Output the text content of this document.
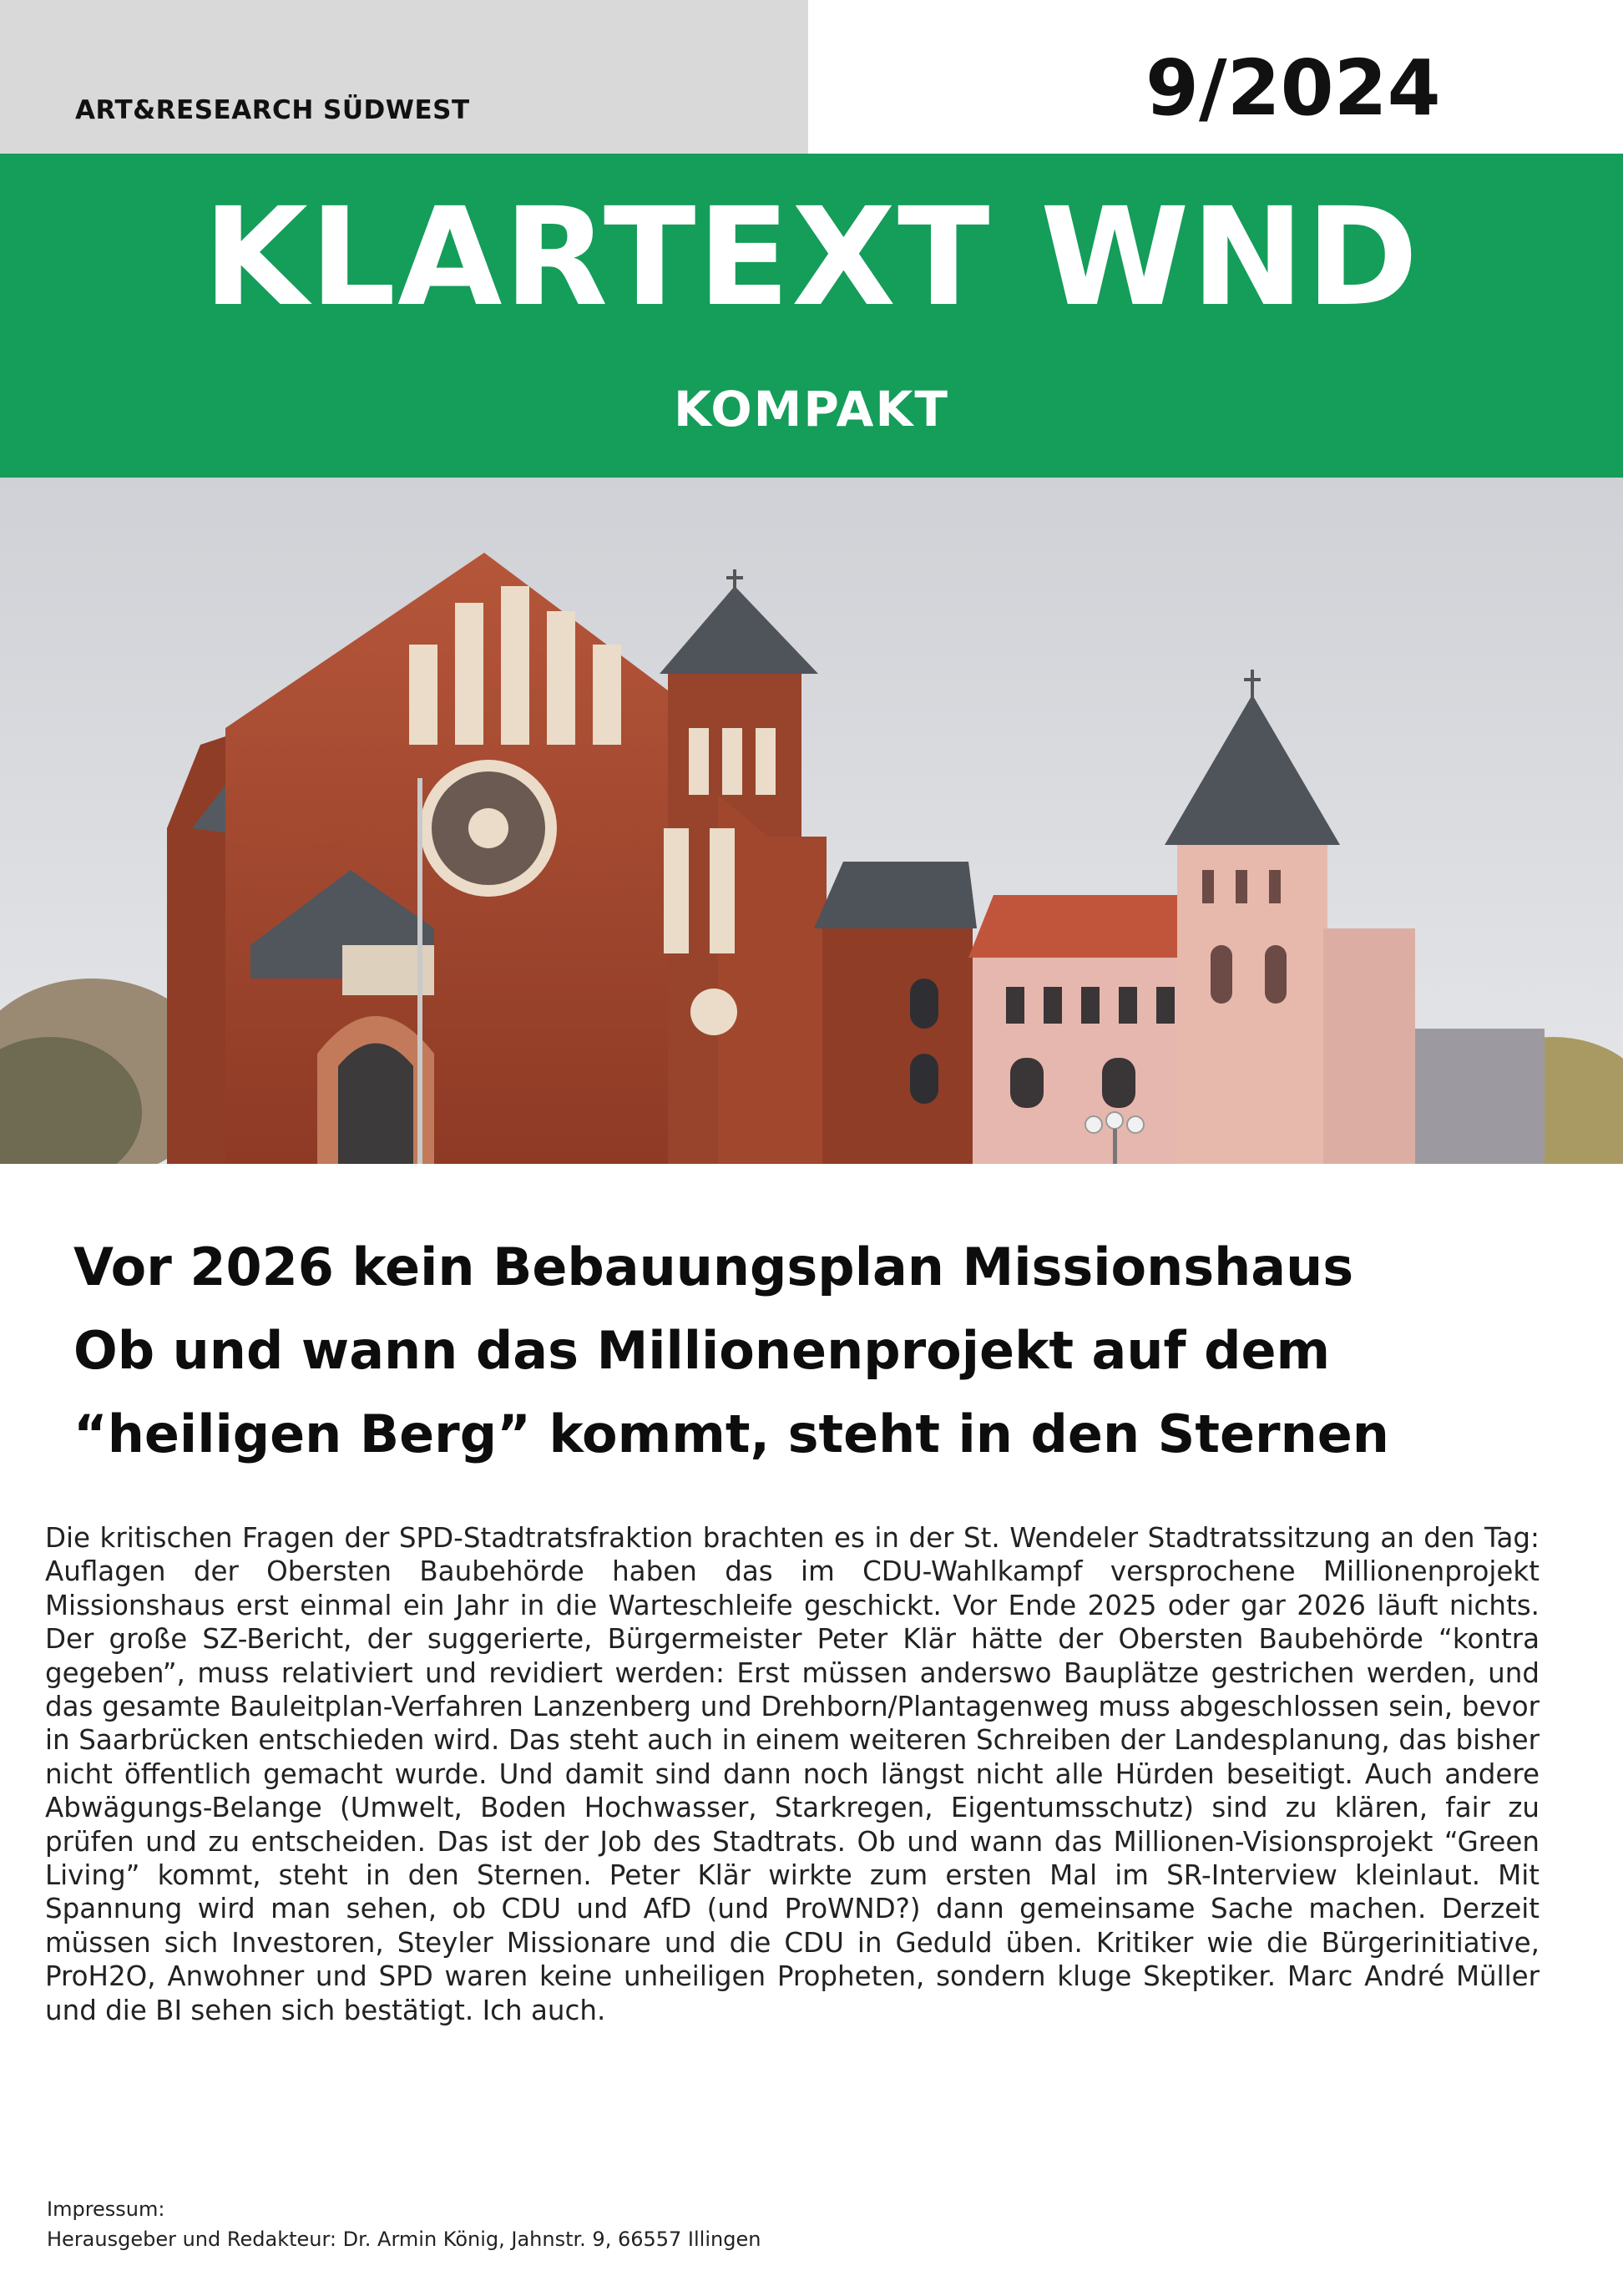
ART&RESEARCH SÜDWEST	9/2024
KLARTEXT WND
KOMPAKT
Vor 2026 kein Bebauungsplan Missionshaus
Ob und wann das Millionenprojekt auf dem
“heiligen Berg” kommt, steht in den Sternen

Die kritischen Fragen der SPD-Stadtratsfraktion brachten es in der St. Wendeler Stadtratssitzung an den Tag: Auflagen der Obersten Baubehörde haben das im CDU-Wahlkampf versprochene Millionenprojekt Missionshaus erst einmal ein Jahr in die Warteschleife geschickt. Vor Ende 2025 oder gar 2026 läuft nichts. Der große SZ-Bericht, der suggerierte, Bürgermeister Peter Klär hätte der Obersten Baubehörde “kontra gegeben”, muss relativiert und revidiert werden: Erst müssen anderswo Bauplätze gestrichen werden, und das gesamte Bauleitplan-Verfahren Lanzenberg und Drehborn/Plantagenweg muss abgeschlossen sein, bevor in Saarbrücken entschieden wird. Das steht auch in einem weiteren Schreiben der Landesplanung, das bisher nicht öffentlich gemacht wurde. Und damit sind dann noch längst nicht alle Hürden beseitigt. Auch andere Abwägungs-Belange (Umwelt, Boden Hochwasser, Starkregen, Eigentumsschutz) sind zu klären, fair zu prüfen und zu entscheiden. Das ist der Job des Stadtrats. Ob und wann das Millionen-Visionsprojekt “Green Living” kommt, steht in den Sternen. Peter Klär wirkte zum ersten Mal im SR-Interview kleinlaut. Mit Spannung wird man sehen, ob CDU und AfD (und ProWND?) dann gemeinsame Sache machen. Derzeit müssen sich Investoren, Steyler Missionare und die CDU in Geduld üben. Kritiker wie die Bürgerinitiative, ProH2O, Anwohner und SPD waren keine unheiligen Propheten, sondern kluge Skeptiker. Marc André Müller und die BI sehen sich bestätigt. Ich auch.

Impressum:
Herausgeber und Redakteur: Dr. Armin König, Jahnstr. 9, 66557 Illingen
